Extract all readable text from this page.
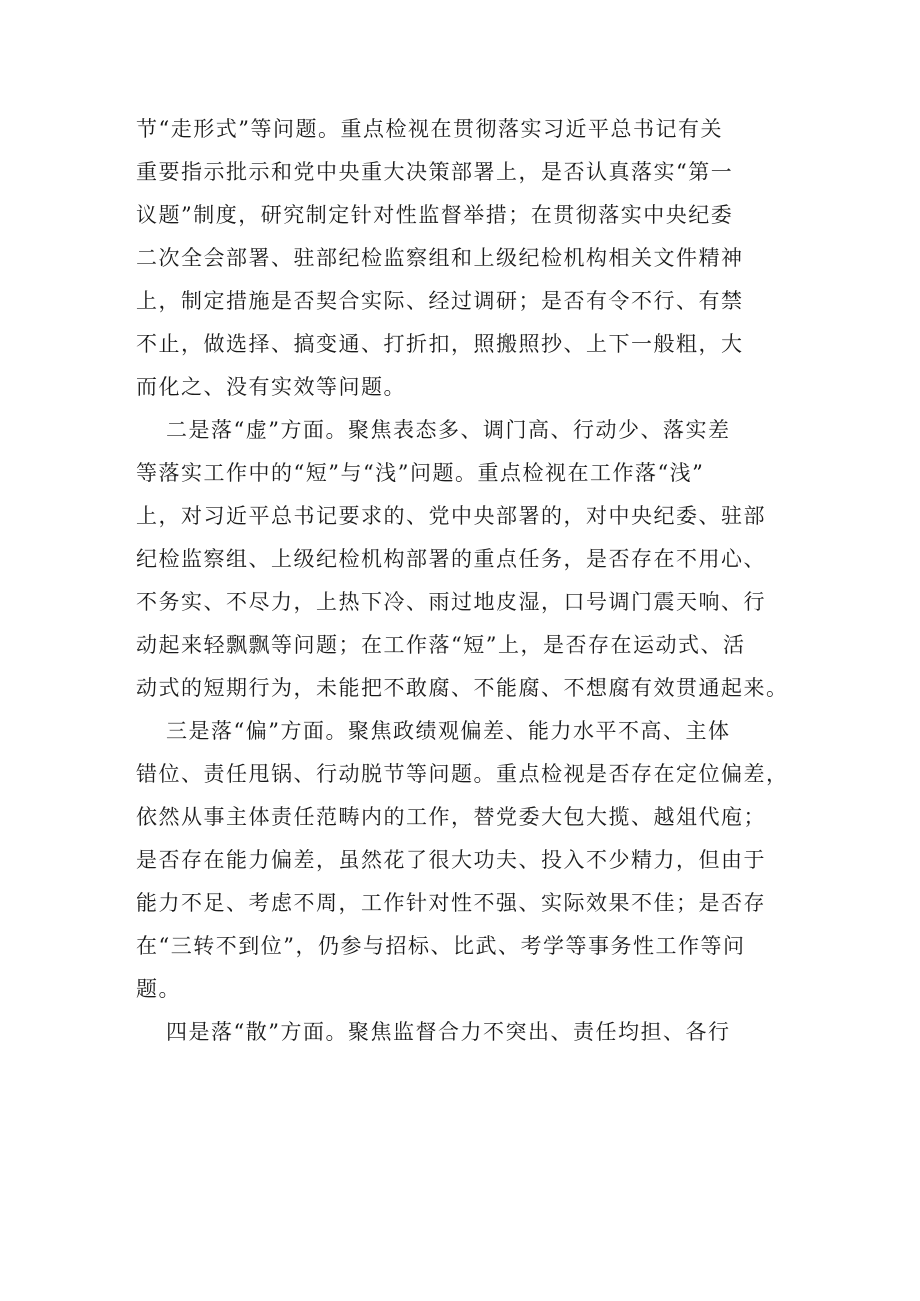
节“走形式”等问题。重点检视在贯彻落实习近平总书记有关
重要指示批示和党中央重大决策部署上，是否认真落实“第一
议题”制度，研究制定针对性监督举措；在贯彻落实中央纪委
二次全会部署、驻部纪检监察组和上级纪检机构相关文件精神
上，制定措施是否契合实际、经过调研；是否有令不行、有禁
不止，做选择、搞变通、打折扣，照搬照抄、上下一般粗，大
而化之、没有实效等问题。
二是落“虚”方面。聚焦表态多、调门高、行动少、落实差
等落实工作中的“短”与“浅”问题。重点检视在工作落“浅”
上，对习近平总书记要求的、党中央部署的，对中央纪委、驻部
纪检监察组、上级纪检机构部署的重点任务，是否存在不用心、
不务实、不尽力，上热下冷、雨过地皮湿，口号调门震天响、行
动起来轻飘飘等问题；在工作落“短”上，是否存在运动式、活
动式的短期行为，未能把不敢腐、不能腐、不想腐有效贯通起来。
三是落“偏”方面。聚焦政绩观偏差、能力水平不高、主体
错位、责任甩锅、行动脱节等问题。重点检视是否存在定位偏差，
依然从事主体责任范畴内的工作，替党委大包大揽、越俎代庖；
是否存在能力偏差，虽然花了很大功夫、投入不少精力，但由于
能力不足、考虑不周，工作针对性不强、实际效果不佳；是否存
在“三转不到位”，仍参与招标、比武、考学等事务性工作等问
题。
四是落“散”方面。聚焦监督合力不突出、责任均担、各行
